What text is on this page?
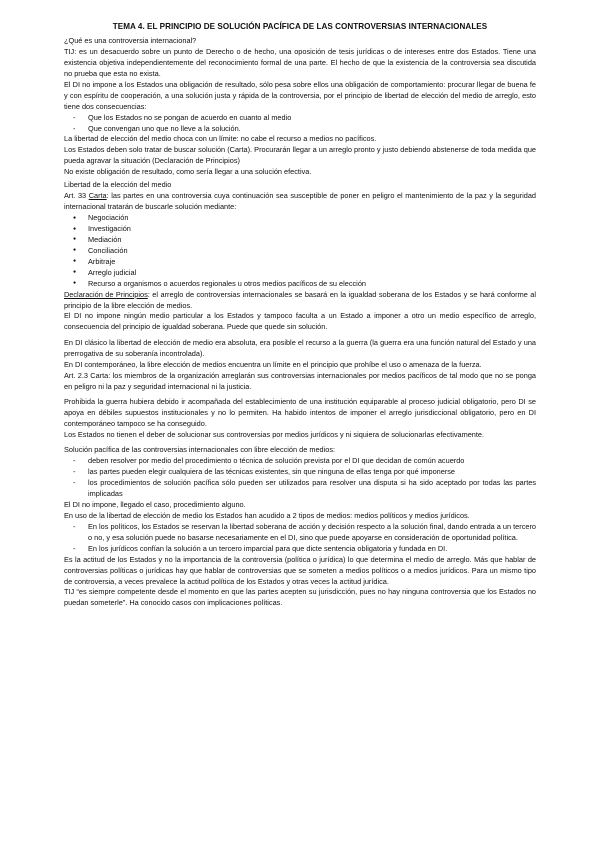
TEMA 4. EL PRINCIPIO DE SOLUCIÓN PACÍFICA DE LAS CONTROVERSIAS INTERNACIONALES

¿Qué es una controversia internacional?

TIJ: es un desacuerdo sobre un punto de Derecho o de hecho, una oposición de tesis jurídicas o de intereses entre dos Estados. Tiene una existencia objetiva independientemente del reconocimiento formal de una parte. El hecho de que la existencia de la controversia sea discutida no prueba que esta no exista.

El DI no impone a los Estados una obligación de resultado, sólo pesa sobre ellos una obligación de comportamiento: procurar llegar de buena fe y con espíritu de cooperación, a una solución justa y rápida de la controversia, por el principio de libertad de elección del medio de arreglo, esto tiene dos consecuencias:

- Que los Estados no se pongan de acuerdo en cuanto al medio
- Que convengan uno que no lleve a la solución.

La libertad de elección del medio choca con un límite: no cabe el recurso a medios no pacíficos.

Los Estados deben solo tratar de buscar solución (Carta). Procurarán llegar a un arreglo pronto y justo debiendo abstenerse de toda medida que pueda agravar la situación (Declaración de Principios)

No existe obligación de resultado, como sería llegar a una solución efectiva.

Libertad de la elección del medio

Art. 33 Carta: las partes en una controversia cuya continuación sea susceptible de poner en peligro el mantenimiento de la paz y la seguridad internacional tratarán de buscarle solución mediante:

● Negociación
● Investigación
● Mediación
● Conciliación
● Arbitraje
● Arreglo judicial
● Recurso a organismos o acuerdos regionales u otros medios pacíficos de su elección

Declaración de Principios: el arreglo de controversias internacionales se basará en la igualdad soberana de los Estados y se hará conforme al principio de la libre elección de medios.

El DI no impone ningún medio particular a los Estados y tampoco faculta a un Estado a imponer a otro un medio específico de arreglo, consecuencia del principio de igualdad soberana. Puede que quede sin solución.

En DI clásico la libertad de elección de medio era absoluta, era posible el recurso a la guerra (la guerra era una función natural del Estado y una prerrogativa de su soberanía incontrolada).

En DI contemporáneo, la libre elección de medios encuentra un límite en el principio que prohíbe el uso o amenaza de la fuerza.

Art. 2.3 Carta: los miembros de la organización arreglarán sus controversias internacionales por medios pacíficos de tal modo que no se ponga en peligro ni la paz y seguridad internacional ni la justicia.

Prohibida la guerra hubiera debido ir acompañada del establecimiento de una institución equiparable al proceso judicial obligatorio, pero DI se apoya en débiles supuestos institucionales y no lo permiten. Ha habido intentos de imponer el arreglo jurisdiccional obligatorio, pero en DI contemporáneo tampoco se ha conseguido.

Los Estados no tienen el deber de solucionar sus controversias por medios jurídicos y ni siquiera de solucionarlas efectivamente.

Solución pacífica de las controversias internacionales con libre elección de medios:

- deben resolver por medio del procedimiento o técnica de solución prevista por el DI que decidan de común acuerdo
- las partes pueden elegir cualquiera de las técnicas existentes, sin que ninguna de ellas tenga por qué imponerse
- los procedimientos de solución pacífica sólo pueden ser utilizados para resolver una disputa si ha sido aceptado por todas las partes implicadas

El DI no impone, llegado el caso, procedimiento alguno.

En uso de la libertad de elección de medio los Estados han acudido a 2 tipos de medios: medios políticos y medios jurídicos.

- En los políticos, los Estados se reservan la libertad soberana de acción y decisión respecto a la solución final, dando entrada a un tercero o no, y esa solución puede no basarse necesariamente en el DI, sino que puede apoyarse en consideración de oportunidad política.
- En los jurídicos confían la solución a un tercero imparcial para que dicte sentencia obligatoria y fundada en DI.

Es la actitud de los Estados y no la importancia de la controversia (política o jurídica) lo que determina el medio de arreglo. Más que hablar de controversias políticas o jurídicas hay que hablar de controversias que se someten a medios políticos o a medios jurídicos. Para un mismo tipo de controversia, a veces prevalece la actitud política de los Estados y otras veces la actitud jurídica.

TIJ “es siempre competente desde el momento en que las partes acepten su jurisdicción, pues no hay ninguna controversia que los Estados no puedan someterle”. Ha conocido casos con implicaciones políticas.
